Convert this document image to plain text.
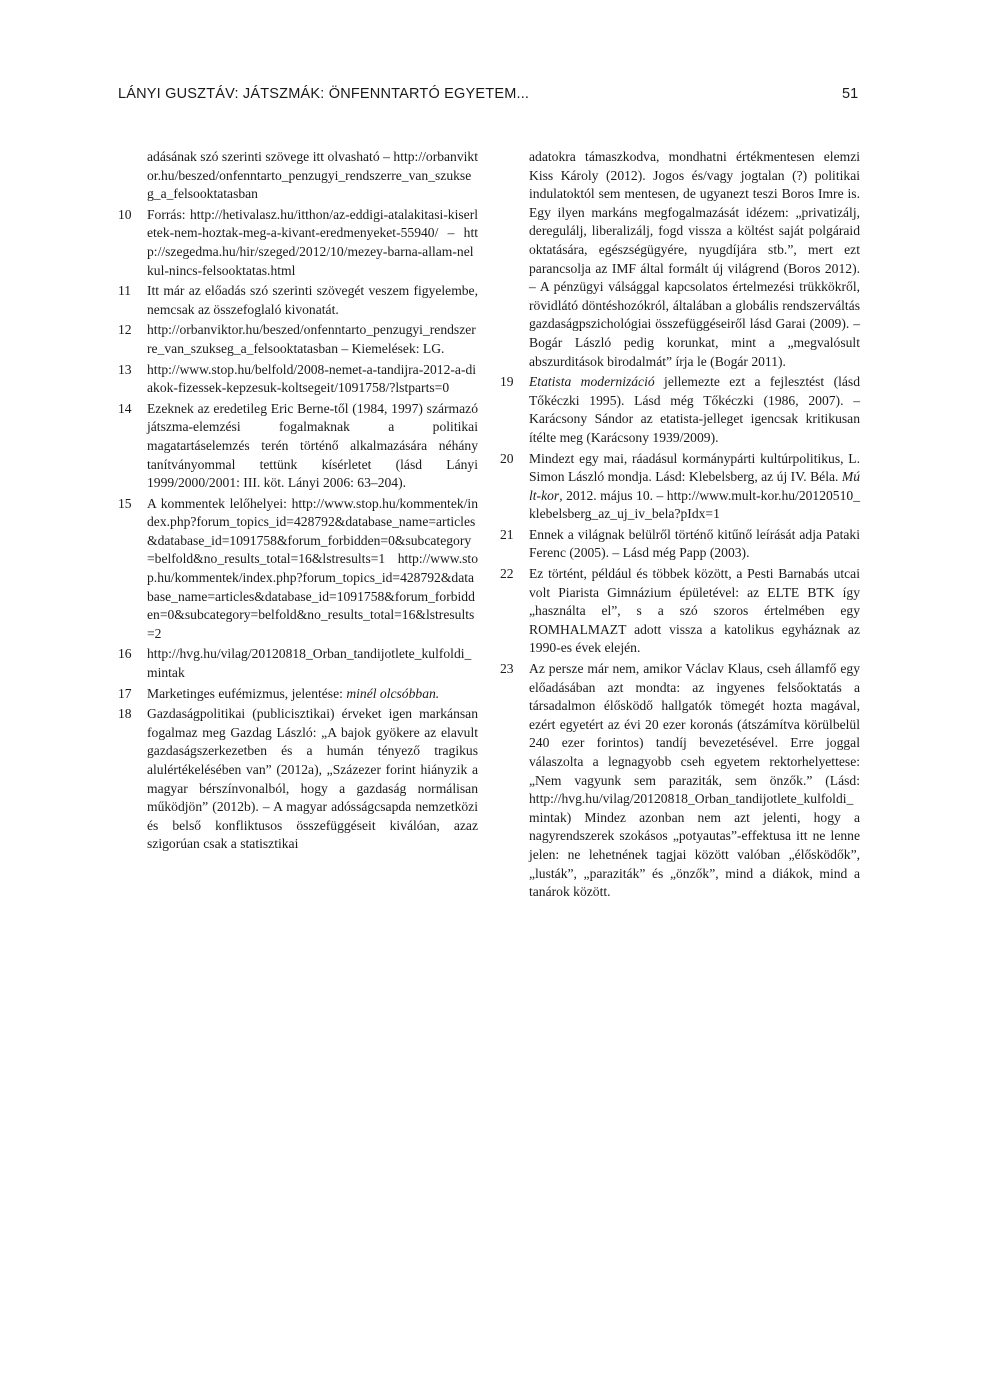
LÁNYI GUSZTÁV: JÁTSZMÁK: ÖNFENNTARTÓ EGYETEM...	51
adásának szó szerinti szövege itt olvasható – http://orbanviktor.hu/beszed/onfenntarto_penzugyi_rendszerre_van_szukseg_a_felsooktatasban
10	Forrás: http://hetivalasz.hu/itthon/az-eddigi-atalakitasi-kiserletek-nem-hoztak-meg-a-kivant-eredmenyeket-55940/ – http://szegedma.hu/hir/szeged/2012/10/mezey-barna-allam-nelkul-nincs-felsooktatas.html
11	Itt már az előadás szó szerinti szövegét veszem figyelembe, nemcsak az összefoglaló kivonatát.
12	http://orbanviktor.hu/beszed/onfenntarto_penzugyi_rendszerre_van_szukseg_a_felsooktatasban – Kiemelések: LG.
13	http://www.stop.hu/belfold/2008-nemet-a-tandijra-2012-a-diakok-fizessek-kepzesuk-koltsegeit/1091758/?lstparts=0
14	Ezeknek az eredetileg Eric Berne-től (1984, 1997) származó játszma-elemzési fogalmaknak a politikai magatartáselemzés terén történő alkalmazására néhány tanítványommal tettünk kísérletet (lásd Lányi 1999/2000/2001: III. köt. Lányi 2006: 63–204).
15	A kommentek lelőhelyei: http://www.stop.hu/kommentek/index.php?forum_topics_id=428792&database_name=articles&database_id=1091758&forum_forbidden=0&subcategory=belfold&no_results_total=16&lstresults=1 http://www.stop.hu/kommentek/index.php?forum_topics_id=428792&database_name=articles&database_id=1091758&forum_forbidden=0&subcategory=belfold&no_results_total=16&lstresults=2
16	http://hvg.hu/vilag/20120818_Orban_tandijotlete_kulfoldi_mintak
17	Marketinges eufémizmus, jelentése: minél olcsóbban.
18	Gazdaságpolitikai (publicisztikai) érveket igen markánsan fogalmaz meg Gazdag László: „A bajok gyökere az elavult gazdaságszerkezetben és a humán tényező tragikus alulértékelésében van” (2012a), „Százezer forint hiányzik a magyar bérszínvonalból, hogy a gazdaság normálisan működjön” (2012b). – A magyar adósságcsapda nemzetközi és belső konfliktusos összefüggéseit kiválóan, azaz szigorúan csak a statisztikai
adatokra támaszkodva, mondhatni értékmentesen elemzi Kiss Károly (2012). Jogos és/vagy jogtalan (?) politikai indulatoktól sem mentesen, de ugyanezt teszi Boros Imre is. Egy ilyen markáns megfogalmazását idézem: „privatizálj, deregulálj, liberalizálj, fogd vissza a költést saját polgáraid oktatására, egészségügyére, nyugdíjára stb.”, mert ezt parancsolja az IMF által formált új világrend (Boros 2012). – A pénzügyi válsággal kapcsolatos értelmezési trükkökről, rövidlátó döntéshozókról, általában a globális rendszerváltás gazdaságpszichológiai összefüggéseiről lásd Garai (2009). – Bogár László pedig korunkat, mint a „megvalósult abszurditások birodalmát” írja le (Bogár 2011).
19	Etatista modernizáció jellemezte ezt a fejlesztést (lásd Tőkéczki 1995). Lásd még Tőkéczki (1986, 2007). – Karácsony Sándor az etatista-jelleget igencsak kritikusan ítélte meg (Karácsony 1939/2009).
20	Mindezt egy mai, ráadásul kormánypárti kultúrpolitikus, L. Simon László mondja. Lásd: Klebelsberg, az új IV. Béla. Múlt-kor, 2012. május 10. – http://www.mult-kor.hu/20120510_klebelsberg_az_uj_iv_bela?pIdx=1
21	Ennek a világnak belülről történő kitűnő leírását adja Pataki Ferenc (2005). – Lásd még Papp (2003).
22	Ez történt, például és többek között, a Pesti Barnabás utcai volt Piarista Gimnázium épületével: az ELTE BTK így „használta el”, s a szó szoros értelmében egy ROMHALMAZT adott vissza a katolikus egyháznak az 1990-es évek elején.
23	Az persze már nem, amikor Václav Klaus, cseh államfő egy előadásában azt mondta: az ingyenes felsőoktatás a társadalmon élősködő hallgatók tömegét hozta magával, ezért egyetért az évi 20 ezer koronás (átszámítva körülbelül 240 ezer forintos) tandíj bevezetésével. Erre joggal válaszolta a legnagyobb cseh egyetem rektorhelyettese: „Nem vagyunk sem paraziták, sem önzők.” (Lásd: http://hvg.hu/vilag/20120818_Orban_tandijotlete_kulfoldi_mintak) Mindez azonban nem azt jelenti, hogy a nagyrendszerek szokásos „potyautas”-effektusa itt ne lenne jelen: ne lehetnének tagjai között valóban „élősködők”, „lusták”, „paraziták” és „önzők”, mind a diákok, mind a tanárok között.
